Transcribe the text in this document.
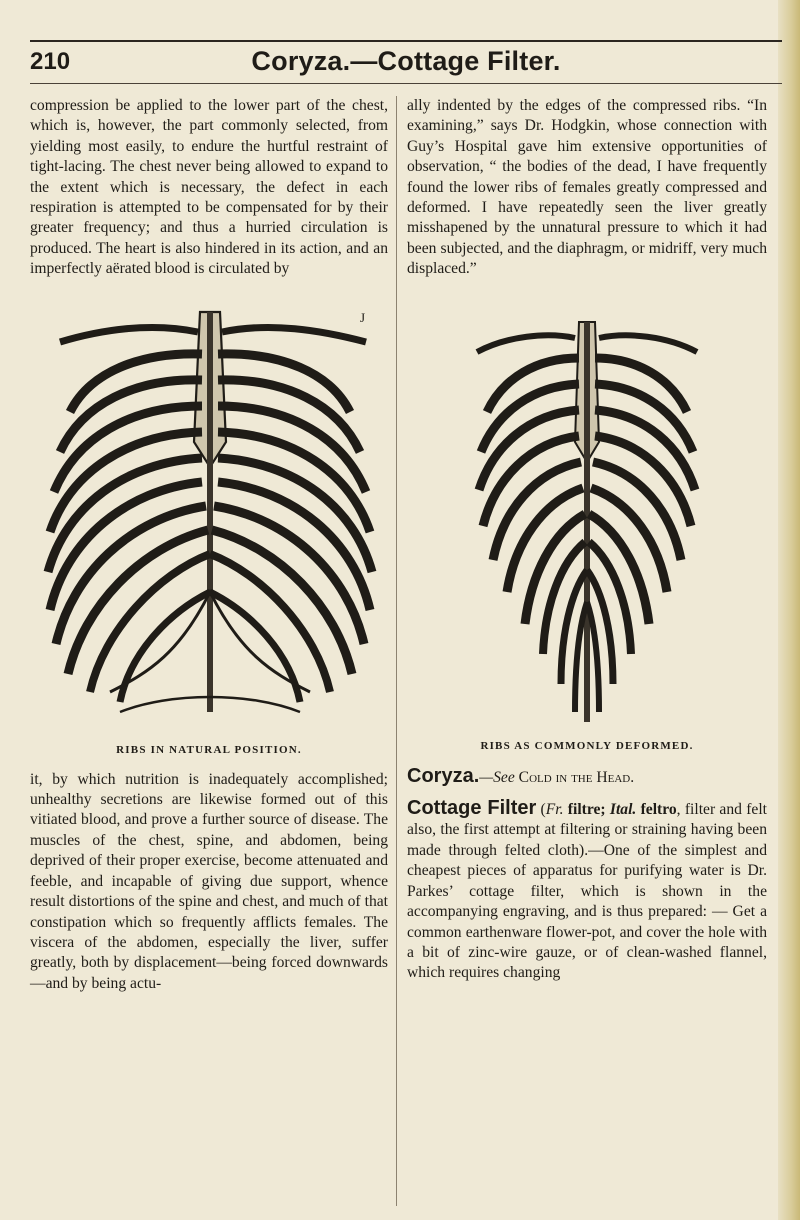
210	Coryza.—Cottage Filter.

compression be applied to the lower part of the chest, which is, however, the part commonly selected, from yielding most easily, to endure the hurtful restraint of tight-lacing. The chest never being allowed to expand to the extent which is necessary, the defect in each respiration is attempted to be compensated for by their greater frequency; and thus a hurried circulation is produced. The heart is also hindered in its action, and an imperfectly aërated blood is circulated by

J
RIBS IN NATURAL POSITION.

it, by which nutrition is inadequately accomplished; unhealthy secretions are likewise formed out of this vitiated blood, and prove a further source of disease. The muscles of the chest, spine, and abdomen, being deprived of their proper exercise, become attenuated and feeble, and incapable of giving due support, whence result distortions of the spine and chest, and much of that constipation which so frequently afflicts females. The viscera of the abdomen, especially the liver, suffer greatly, both by displacement—being forced downwards—and by being actu-

ally indented by the edges of the compressed ribs. “In examining,” says Dr. Hodgkin, whose connection with Guy’s Hospital gave him extensive opportunities of observation, “ the bodies of the dead, I have frequently found the lower ribs of females greatly compressed and deformed. I have repeatedly seen the liver greatly misshapened by the unnatural pressure to which it had been subjected, and the diaphragm, or midriff, very much displaced.”

RIBS AS COMMONLY DEFORMED.

Coryza.—See Cold in the Head.

Cottage Filter (Fr. filtre; Ital. feltro, filter and felt also, the first attempt at filtering or straining having been made through felted cloth).—One of the simplest and cheapest pieces of apparatus for purifying water is Dr. Parkes’ cottage filter, which is shown in the accompanying engraving, and is thus prepared: — Get a common earthenware flower-pot, and cover the hole with a bit of zinc-wire gauze, or of clean-washed flannel, which requires changing
